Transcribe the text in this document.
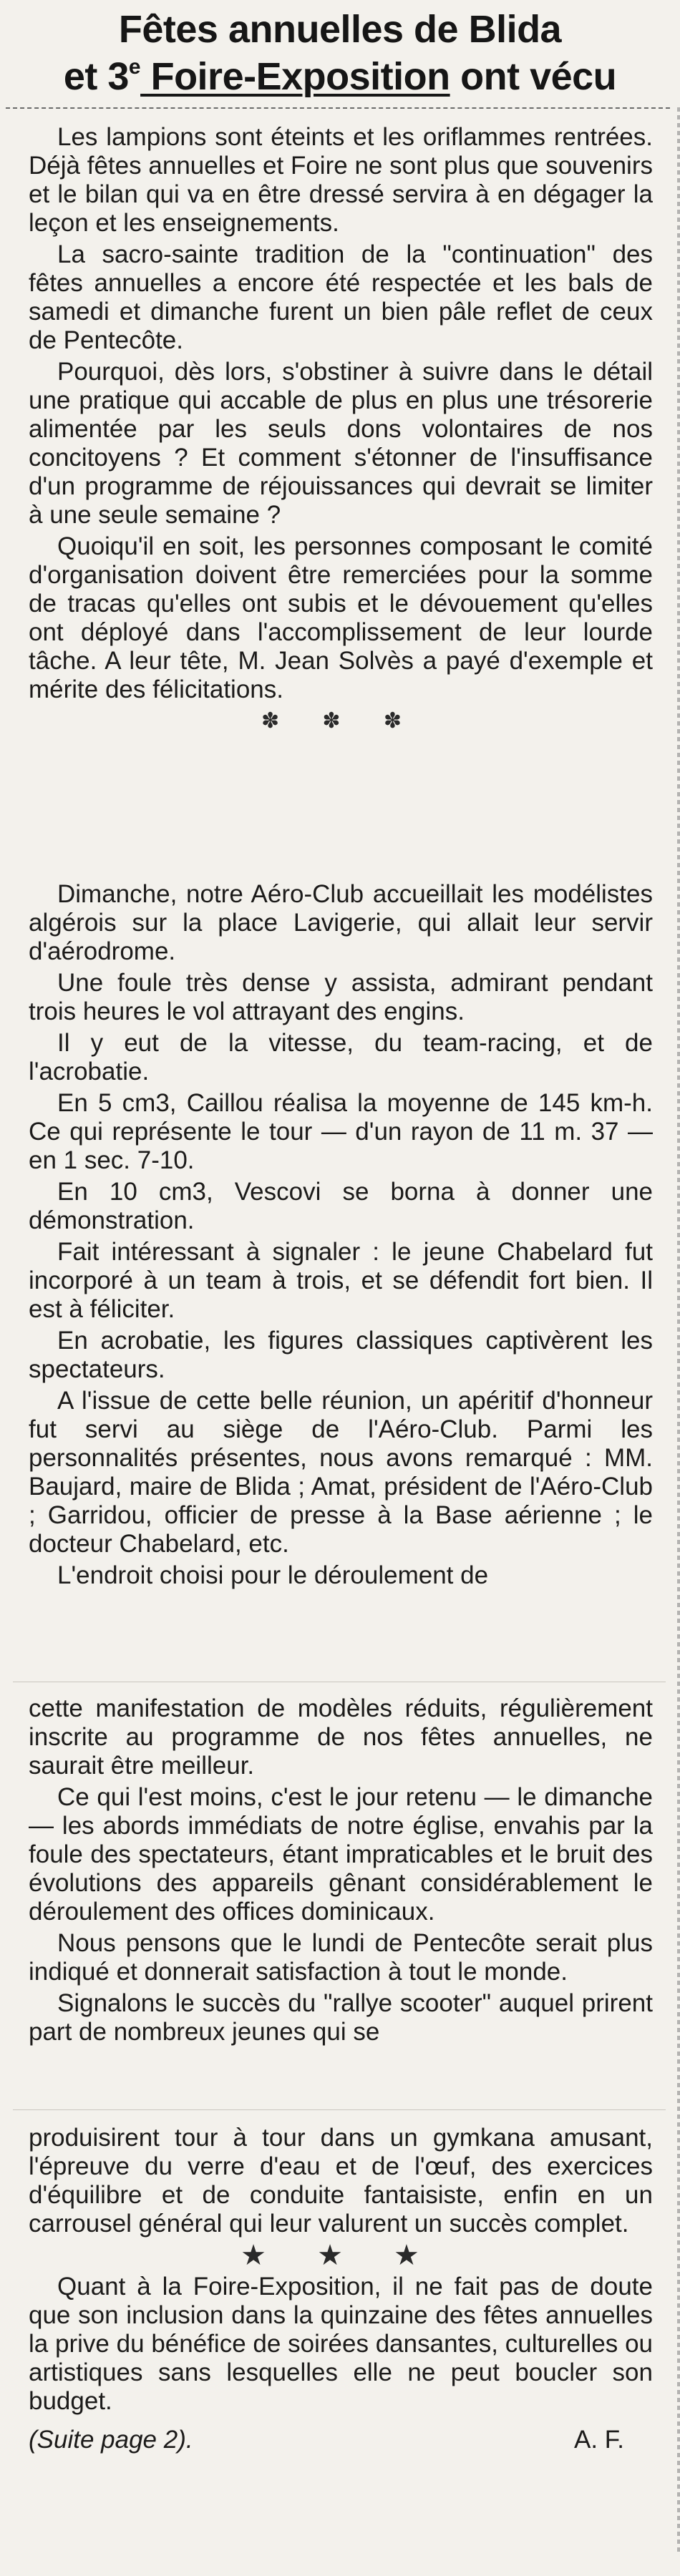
Fêtes annuelles de Blida
et 3e Foire-Exposition ont vécu

Les lampions sont éteints et les oriflammes rentrées. Déjà fêtes annuelles et Foire ne sont plus que souvenirs et le bilan qui va en être dressé servira à en dégager la leçon et les enseignements.

La sacro-sainte tradition de la "continuation" des fêtes annuelles a encore été respectée et les bals de samedi et dimanche furent un bien pâle reflet de ceux de Pentecôte.

Pourquoi, dès lors, s'obstiner à suivre dans le détail une pratique qui accable de plus en plus une trésorerie alimentée par les seuls dons volontaires de nos concitoyens ? Et comment s'étonner de l'insuffisance d'un programme de réjouissances qui devrait se limiter à une seule semaine ?

Quoiqu'il en soit, les personnes composant le comité d'organisation doivent être remerciées pour la somme de tracas qu'elles ont subis et le dévouement qu'elles ont déployé dans l'accomplissement de leur lourde tâche. A leur tête, M. Jean Solvès a payé d'exemple et mérite des félicitations.

✽ ✽ ✽

Dimanche, notre Aéro-Club accueillait les modélistes algérois sur la place Lavigerie, qui allait leur servir d'aérodrome.

Une foule très dense y assista, admirant pendant trois heures le vol attrayant des engins.

Il y eut de la vitesse, du team-racing, et de l'acrobatie.

En 5 cm3, Caillou réalisa la moyenne de 145 km-h. Ce qui représente le tour — d'un rayon de 11 m. 37 — en 1 sec. 7-10.

En 10 cm3, Vescovi se borna à donner une démonstration.

Fait intéressant à signaler : le jeune Chabelard fut incorporé à un team à trois, et se défendit fort bien. Il est à féliciter.

En acrobatie, les figures classiques captivèrent les spectateurs.

A l'issue de cette belle réunion, un apéritif d'honneur fut servi au siège de l'Aéro-Club. Parmi les personnalités présentes, nous avons remarqué : MM. Baujard, maire de Blida ; Amat, président de l'Aéro-Club ; Garridou, officier de presse à la Base aérienne ; le docteur Chabelard, etc.

L'endroit choisi pour le déroulement de

cette manifestation de modèles réduits, régulièrement inscrite au programme de nos fêtes annuelles, ne saurait être meilleur.

Ce qui l'est moins, c'est le jour retenu — le dimanche — les abords immédiats de notre église, envahis par la foule des spectateurs, étant impraticables et le bruit des évolutions des appareils gênant considérablement le déroulement des offices dominicaux.

Nous pensons que le lundi de Pentecôte serait plus indiqué et donnerait satisfaction à tout le monde.

Signalons le succès du "rallye scooter" auquel prirent part de nombreux jeunes qui se

produisirent tour à tour dans un gymkana amusant, l'épreuve du verre d'eau et de l'œuf, des exercices d'équilibre et de conduite fantaisiste, enfin en un carrousel général qui leur valurent un succès complet.

★ ★ ★

Quant à la Foire-Exposition, il ne fait pas de doute que son inclusion dans la quinzaine des fêtes annuelles la prive du bénéfice de soirées dansantes, culturelles ou artistiques sans lesquelles elle ne peut boucler son budget.

(Suite page 2).	A. F.
